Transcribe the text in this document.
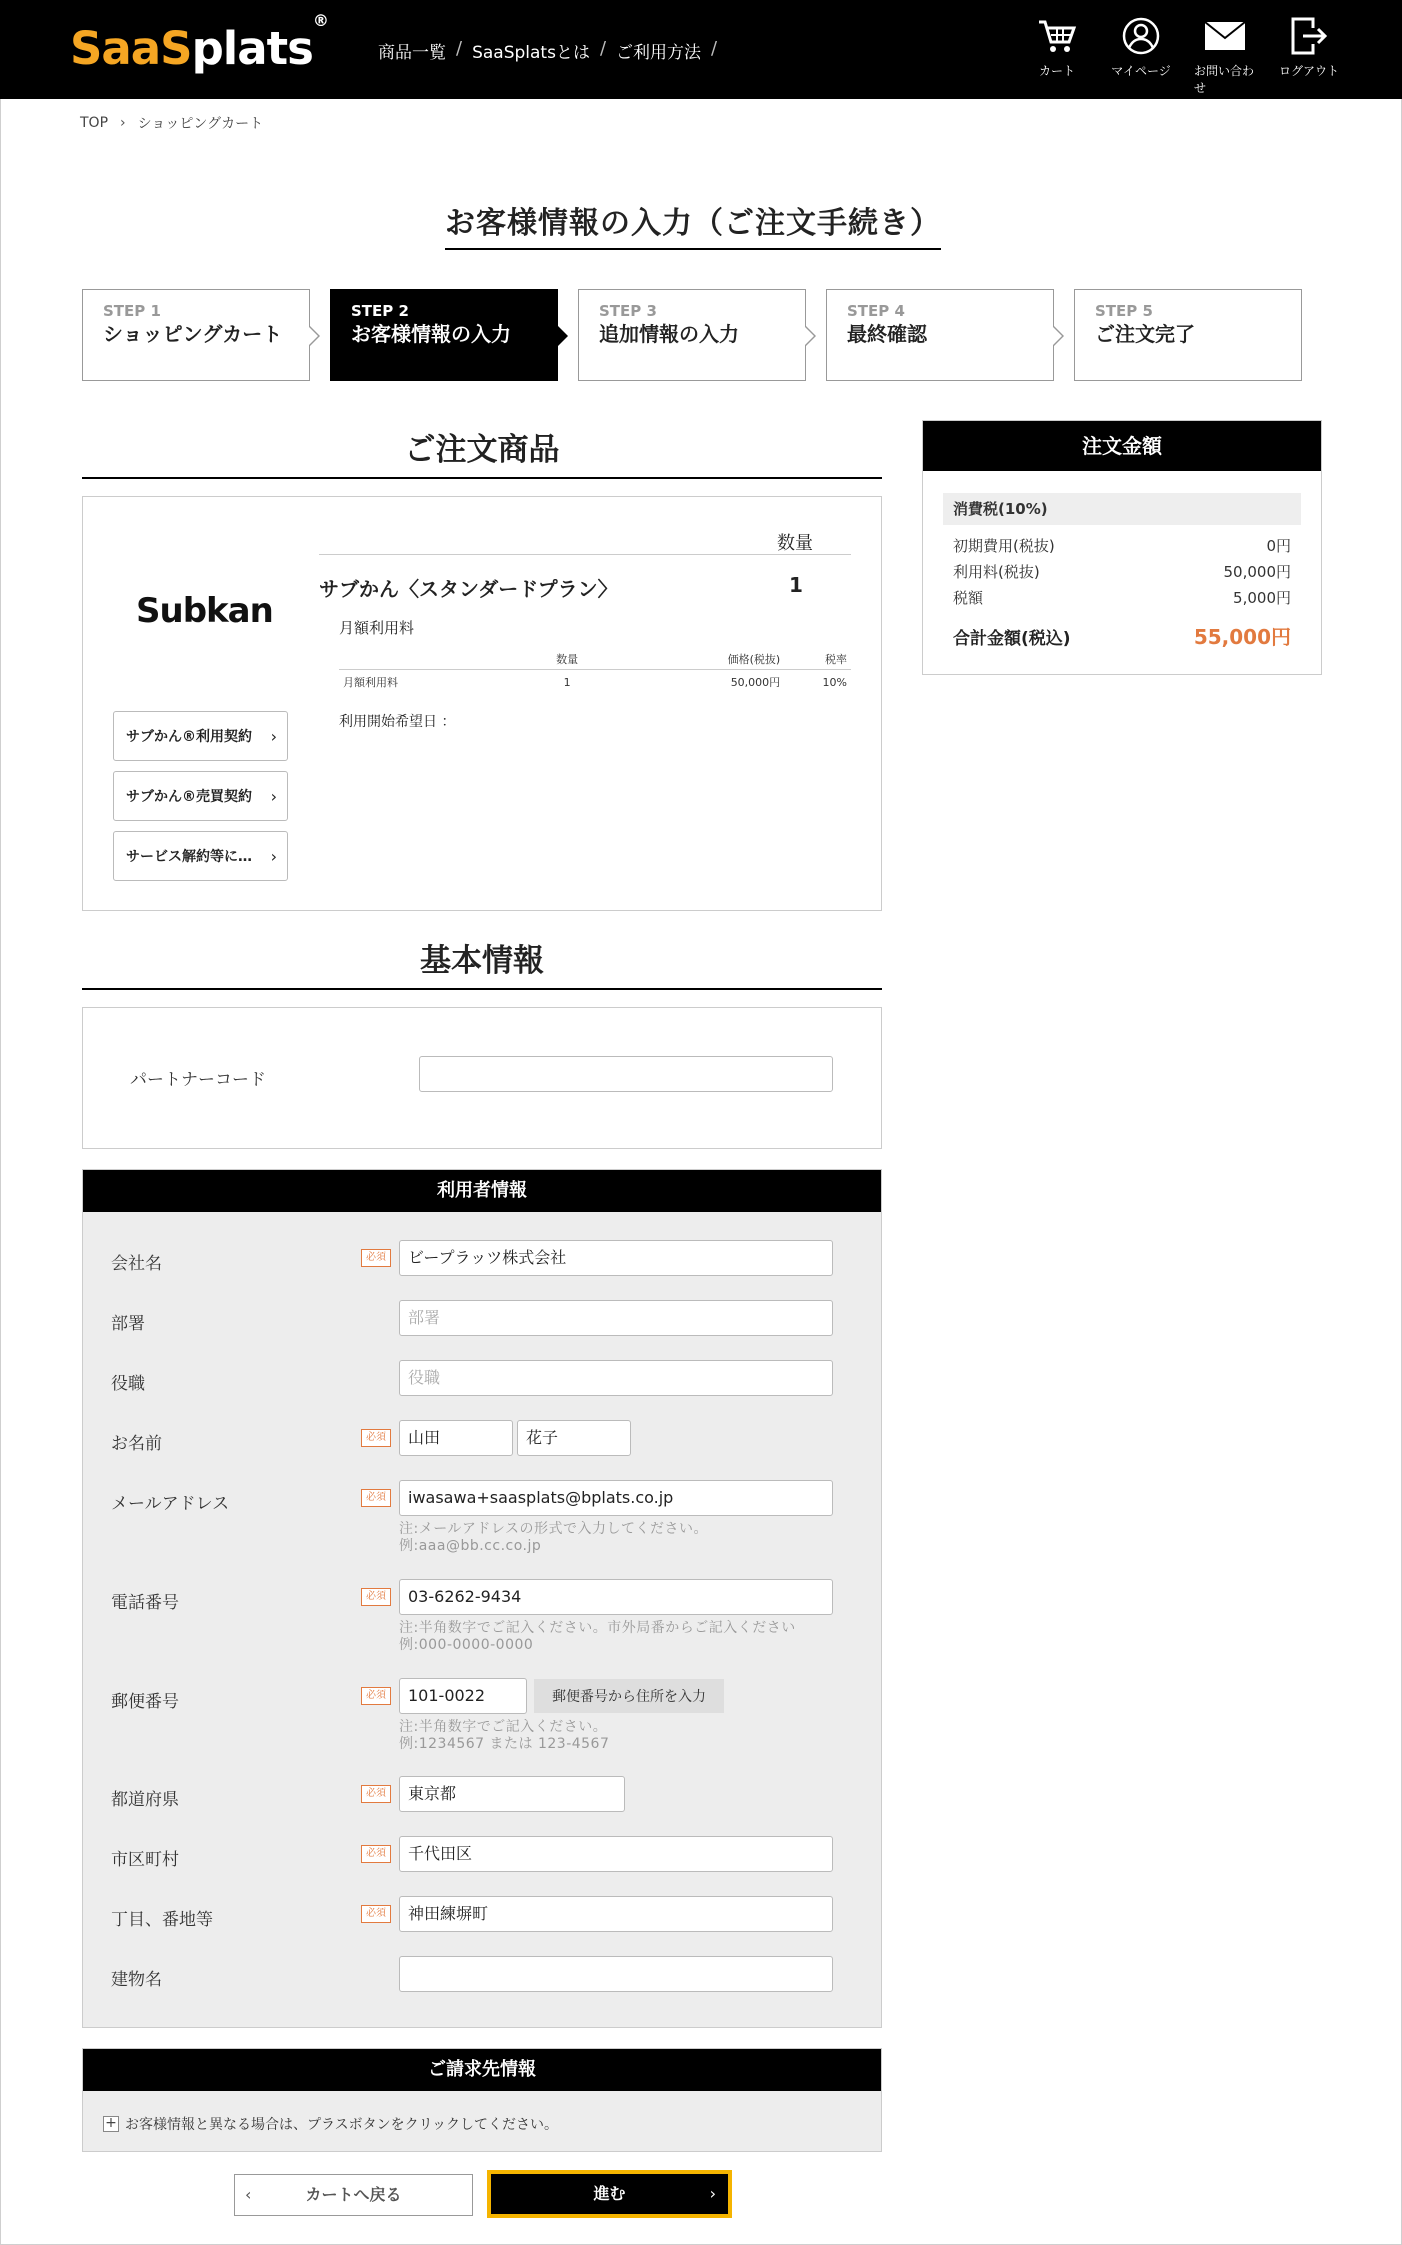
SaaSplats®
商品一覧 / SaaSplatsとは / ご利用方法 /
カート	マイページ お問い合わせ
ログアウト
TOP › ショッピングカート
お客様情報の入力（ご注文手続き）
STEP 1
ショッピングカート
STEP 2
お客様情報の入力
STEP 3
追加情報の入力
STEP 4
最終確認
STEP 5
ご注文完了
ご注文商品
Subkan
サブかん®利用契約 ›
サブかん®売買契約 ›
サービス解約等に… ›
数量
サブかん〈スタンダードプラン〉	1
月額利用料
	数量	価格(税抜)	税率
月額利用料	1	50,000円	10%
利用開始希望日 ：
基本情報
パートナーコード
利用者情報
会社名	必須	ビープラッツ株式会社
部署	部署
役職	役職
お名前	必須	山田	花子
メールアドレス	必須	iwasawa+saasplats@bplats.co.jp
注:メールアドレスの形式で入力してください。
例:aaa@bb.cc.co.jp
電話番号	必須	03-6262-9434
注:半角数字でご記入ください。市外局番からご記入ください
例:000-0000-0000
郵便番号	必須	101-0022	郵便番号から住所を入力
注:半角数字でご記入ください。
例:1234567 または 123-4567
都道府県	必須	東京都
市区町村	必須	千代田区
丁目、番地等	必須	神田練塀町
建物名
ご請求先情報
+ お客様情報と異なる場合は、プラスボタンをクリックしてください。
‹	カートへ戻る	進む	›
注文金額
消費税(10%)
初期費用(税抜)	0円
利用料(税抜)	50,000円
税額	5,000円
合計金額(税込)	55,000円
